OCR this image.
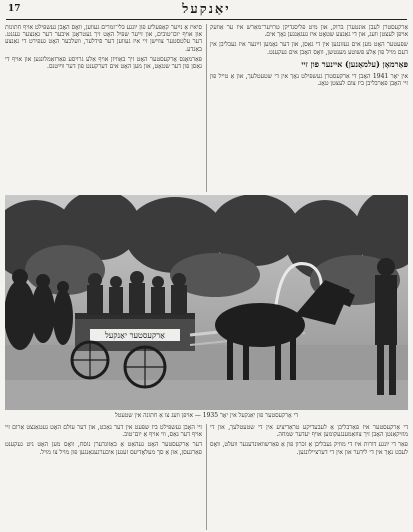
17	יאַנקעל

אַרקעסטרן לעבן אונטערן ברוק, און מיט פליסנדיקן טרױער־מאַרש איז ער אַוועק אױפן לעצטן וועג, און די גאַנצע שטאָט איז געגאַנגען נאָך אים.

שפּעטער האָט מען אים געזונגען אין די גאַסן, און דער נאָמען זײַנער איז געבליבן אין דעם מויל פון אַלע פּשוטע מענטשן, וואָס האָבן אים געקענט.

פּאַרמאָן (עלמאַנען) איינער פון זיי

אין יאָר 1941 האָבן די אַרקעסטרן געשפּילט נאָך אין די שטעטלעך, און אַ טייל פון זיי האָבן פאַרבליבן ביז צום לעצטן טאָג.

סיאיז אַ נײַער קאַפּעליע פון יונגע כּלי־זמרים געווען, וואָס האָבן געשפּילט אויף חתונות און אויף יום־טובים, און זייער שפּיל האָט זיך געטראָגן איבער דער גאַנצער געגנט. דער עלטסטער צווישן זיי איז געווען דער פֿידלער, וועלכער האָט געפירט די גאַנצע באַנדע.

פּאַרמאָנס אָרקעסטער האָט זיך באַוויזן אויף אַלע גרויסע פאַרזאַמלונגען און אויף די גאַסן פון דער שטאָט, און מען האָט אים דערקענט פון דער ווײַטנס.

אַרקעסטער יאַנקעל
די אָרקעסטער פון יאַנקעל אין יאָר 1935 — אױפן וועג צו אַ חתונה אין שטעטל

די אַרקעסטער איז פאַרבליבן אַ לעבעדיקע טראַדיציע אין די שטעטלעך, און די מוזיקאַנטן האָבן זיך צוזאַמענגעקומען אויף יעדער שמחה.

פאַר די יונגע דורות איז די מוזיק געבליבן אַ זכּרון פון אַ פאַרשוואונדענער וועלט, וואָס לעבט נאָך אין די לידער און אין די דערציילונגען.

זיי האָבן געשפּילט ביז שפּעט אין דער נאַכט, און דער עולם האָט געטאַנצט אַרום זיי אויף דער גאַס, ווי אויף אַ יום־טוב.

דער אַרקעסטער האָט געהאַט אַ באַזונדערן נוסח, וואָס מען האָט ניט געקענט פאַרגעסן, און אַ סך מעלאָדיעס זענען איבערגעגאַנגען פון מויל צו מויל.
